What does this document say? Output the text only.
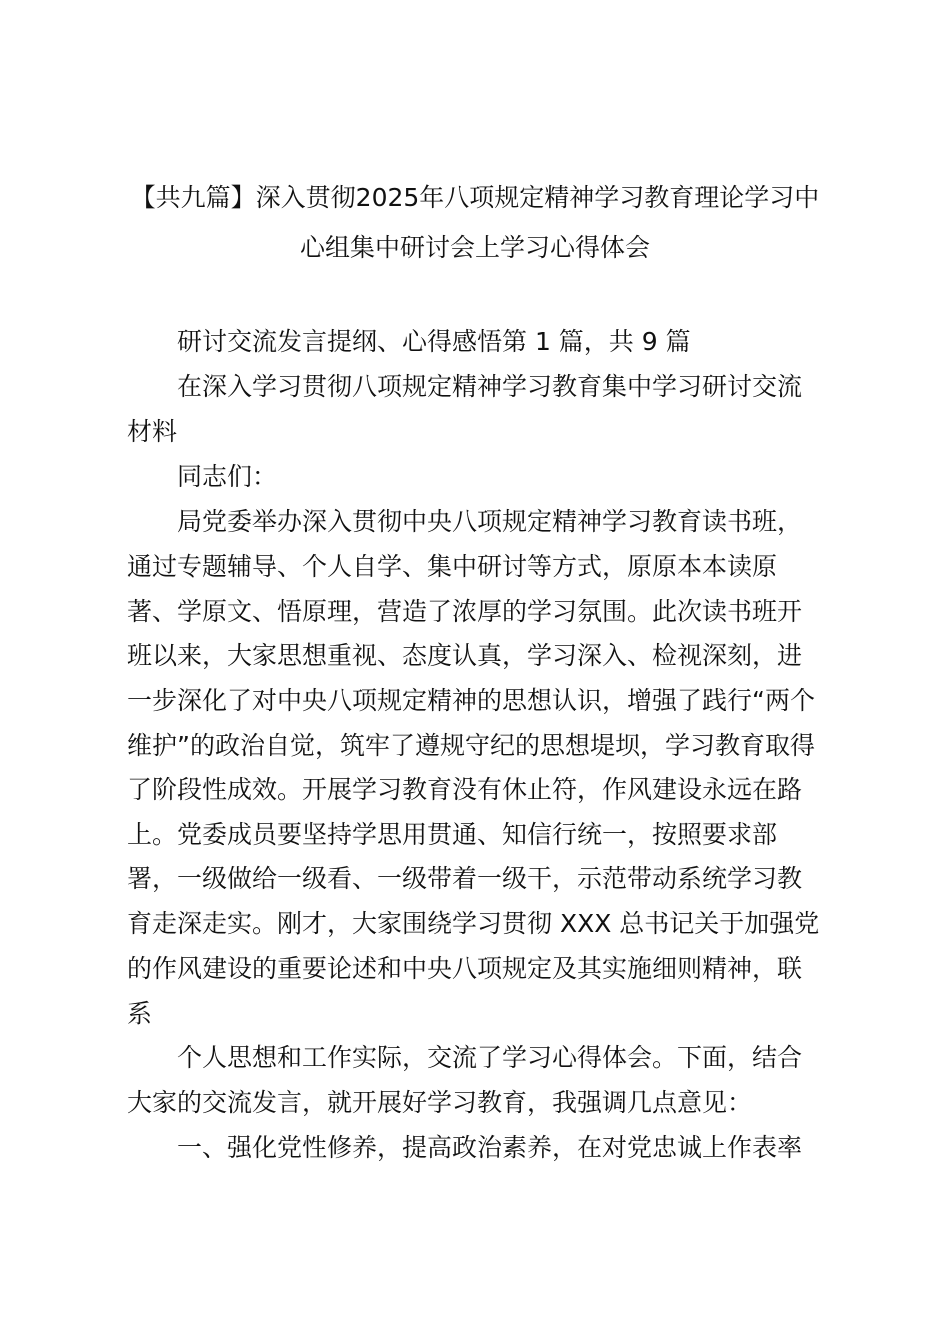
【共九篇】深入贯彻2025年八项规定精神学习教育理论学习中
心组集中研讨会上学习心得体会
研讨交流发言提纲、心得感悟第 1 篇，共 9 篇
在深入学习贯彻八项规定精神学习教育集中学习研讨交流
材料
同志们：
局党委举办深入贯彻中央八项规定精神学习教育读书班，
通过专题辅导、个人自学、集中研讨等方式，原原本本读原
著、学原文、悟原理，营造了浓厚的学习氛围。此次读书班开
班以来，大家思想重视、态度认真，学习深入、检视深刻，进
一步深化了对中央八项规定精神的思想认识，增强了践行“两个
维护”的政治自觉，筑牢了遵规守纪的思想堤坝，学习教育取得
了阶段性成效。开展学习教育没有休止符，作风建设永远在路
上。党委成员要坚持学思用贯通、知信行统一，按照要求部
署，一级做给一级看、一级带着一级干，示范带动系统学习教
育走深走实。刚才，大家围绕学习贯彻 XXX 总书记关于加强党
的作风建设的重要论述和中央八项规定及其实施细则精神，联
系
个人思想和工作实际，交流了学习心得体会。下面，结合
大家的交流发言，就开展好学习教育，我强调几点意见：
一、强化党性修养，提高政治素养，在对党忠诚上作表率
